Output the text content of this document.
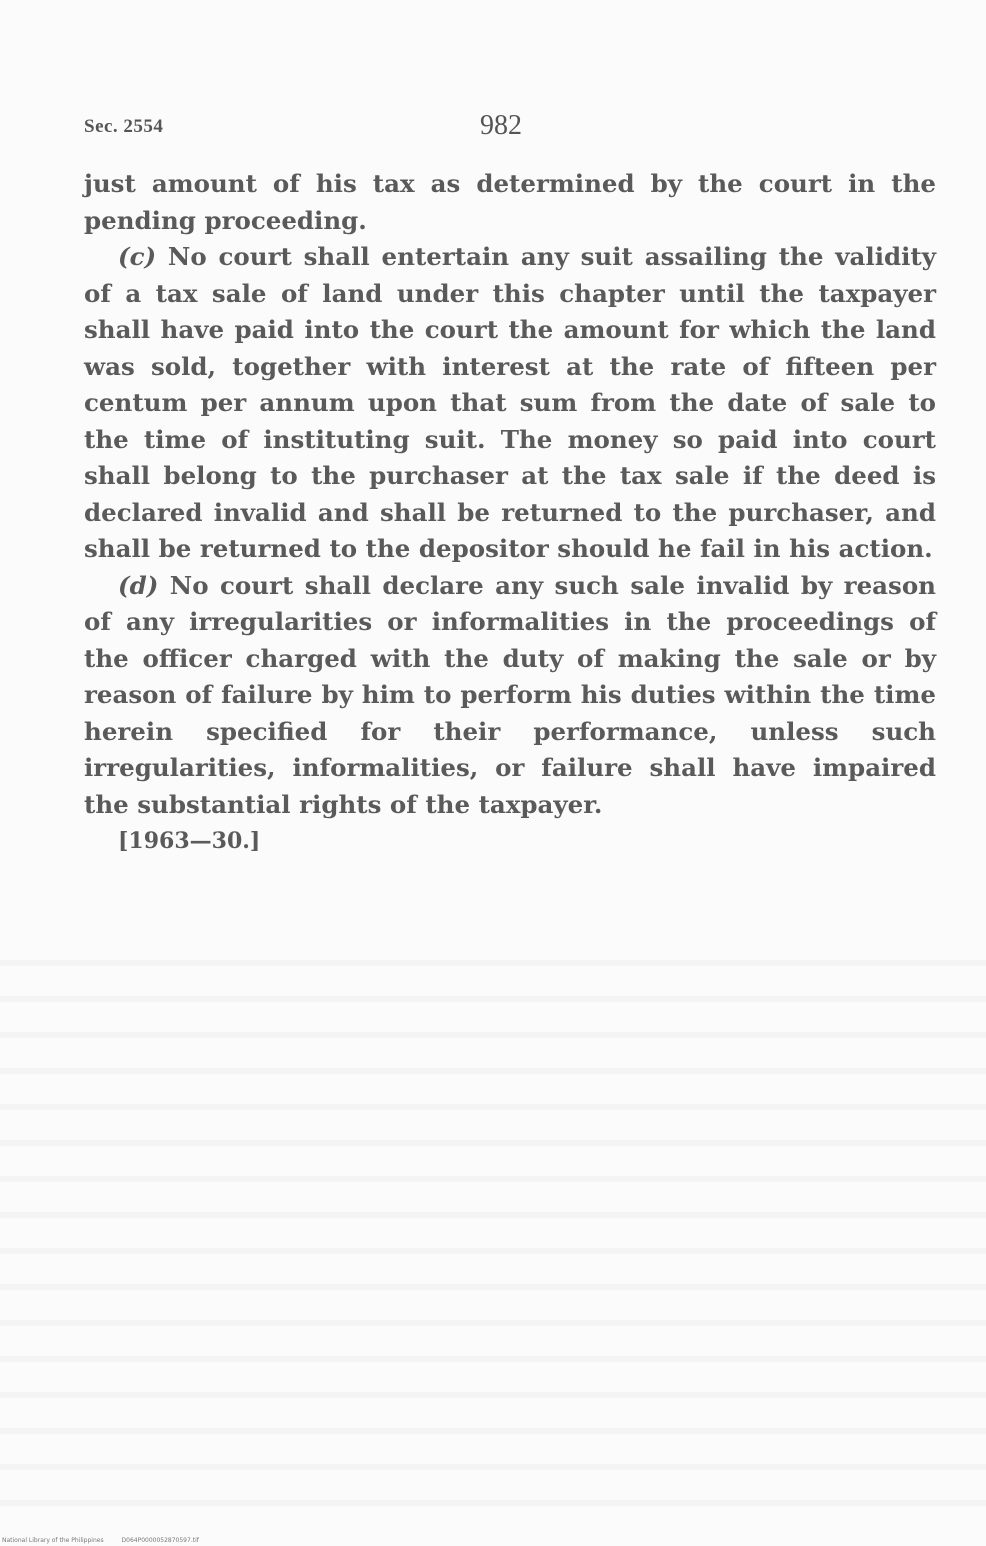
Sec. 2554	982

just amount of his tax as determined by the court in the pending proceeding.

(c) No court shall entertain any suit assailing the validity of a tax sale of land under this chapter until the taxpayer shall have paid into the court the amount for which the land was sold, together with interest at the rate of fifteen per centum per annum upon that sum from the date of sale to the time of instituting suit. The money so paid into court shall belong to the purchaser at the tax sale if the deed is declared invalid and shall be returned to the purchaser, and shall be returned to the depositor should he fail in his action.

(d) No court shall declare any such sale invalid by reason of any irregularities or informalities in the proceedings of the officer charged with the duty of making the sale or by reason of failure by him to perform his duties within the time herein specified for their performance, unless such irregularities, informalities, or failure shall have impaired the substantial rights of the taxpayer.

[1963—30.]

National Library of the Philippines	D064P0000052870597.tif
